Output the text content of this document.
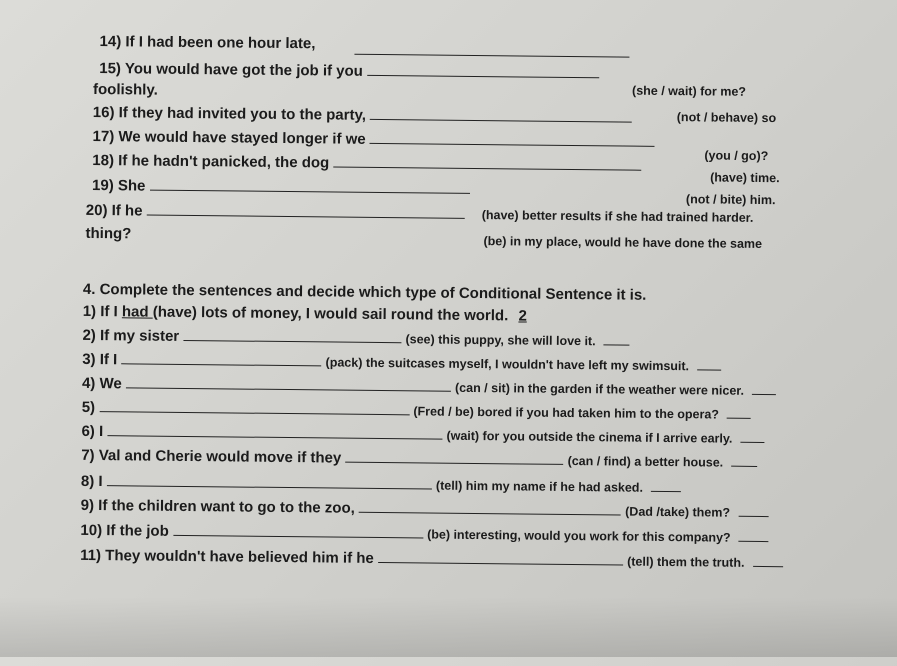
14) If I had been one hour late,
(she / wait) for me?
15) You would have got the job if you
foolishly.
(not / behave) so
16) If they had invited you to the party,
(you / go)?
17) We would have stayed longer if we
(have) time.
18) If he hadn't panicked, the dog
(not / bite) him.
19) She
(have) better results if she had trained harder.
20) If he
(be) in my place, would he have done the same
thing?
4. Complete the sentences and decide which type of Conditional Sentence it is.
1) If I had (have) lots of money, I would sail round the world. 2
2) If my sister	(see) this puppy, she will love it.
3) If I	(pack) the suitcases myself, I wouldn't have left my swimsuit.
4) We	(can / sit) in the garden if the weather were nicer.
5)	(Fred / be) bored if you had taken him to the opera?
6) I	(wait) for you outside the cinema if I arrive early.
7) Val and Cherie would move if they	(can / find) a better house.
8) I	(tell) him my name if he had asked.
9) If the children want to go to the zoo,	(Dad /take) them?
10) If the job	(be) interesting, would you work for this company?
11) They wouldn't have believed him if he	(tell) them the truth.
